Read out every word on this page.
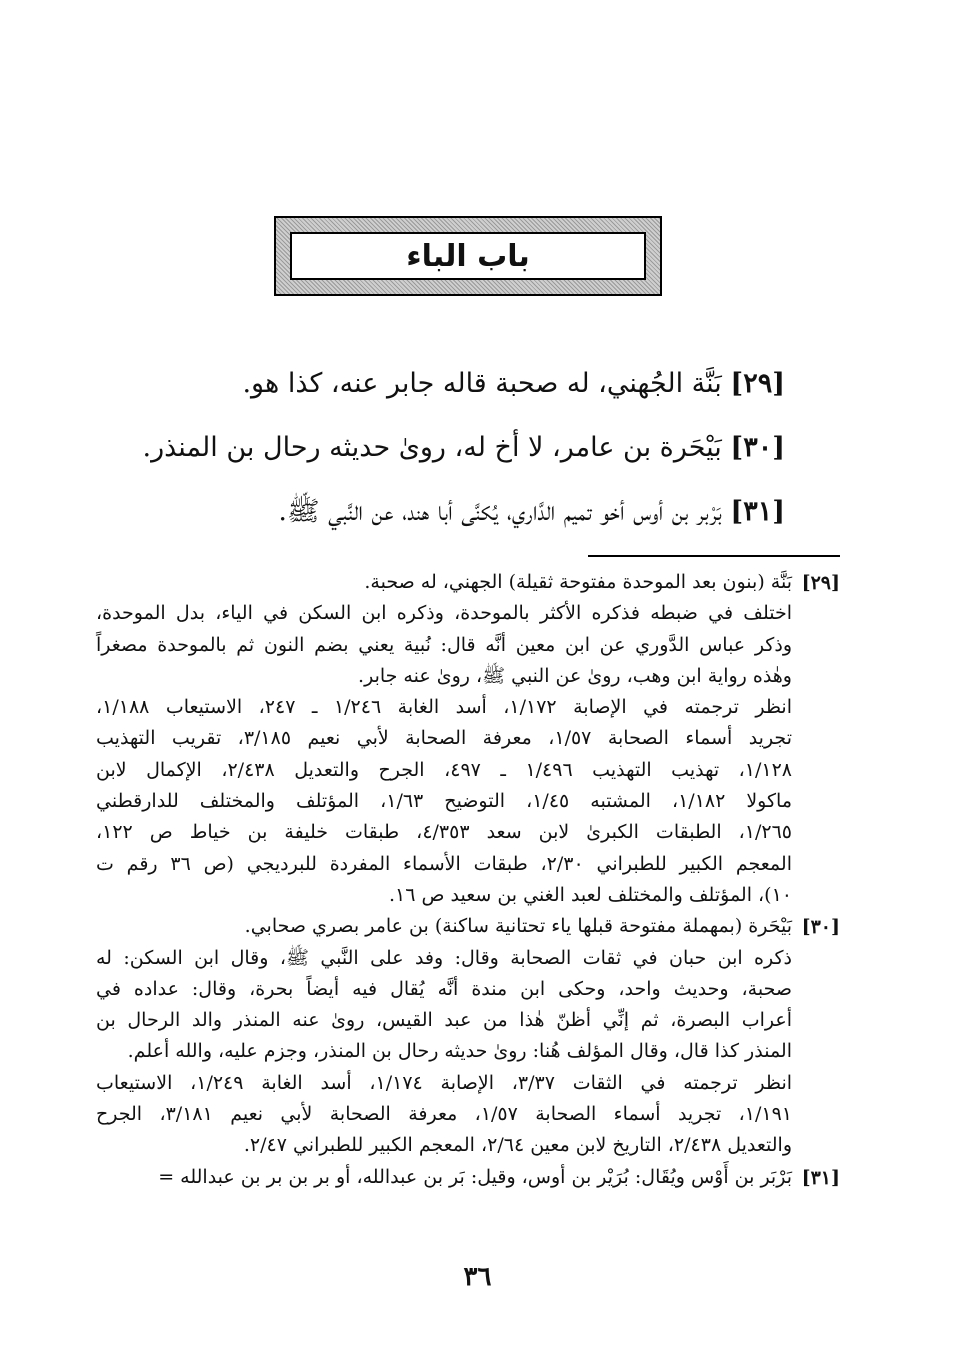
باب الباء
[٢٩] بَنَّة الجُهني، له صحبة قاله جابر عنه، كذا هو.
[٣٠] بَيْحَرة بن عامر، لا أخ له، روىٰ حديثه رحال بن المنذر.
[٣١] بَرْبر بن أوس أخو تميم الدَّاري، يُكنَّى أبا هند، عن النَّبي ﷺ.
[٢٩]
بَنَّة (بنون بعد الموحدة مفتوحة ثقيلة) الجهني، له صحبة.
اختلف في ضبطه فذكره الأكثر بالموحدة، وذكره ابن السكن في الياء، بدل الموحدة،
وذكر عباس الدَّوري عن ابن معين أنَّه قال: نُبية يعني بضم النون ثم بالموحدة مصغراً
وهٰذه رواية ابن وهب، روىٰ عن النبي ﷺ، روىٰ عنه جابر.
انظر ترجمته في الإصابة ١/١٧٢، أسد الغابة ١/٢٤٦ ـ ٢٤٧، الاستيعاب ١/١٨٨،
تجريد أسماء الصحابة ١/٥٧، معرفة الصحابة لأبي نعيم ٣/١٨٥، تقريب التهذيب
١/١٢٨، تهذيب التهذيب ١/٤٩٦ ـ ٤٩٧، الجرح والتعديل ٢/٤٣٨، الإكمال لابن
ماكولا ١/١٨٢، المشتبه ١/٤٥، التوضيح ١/٦٣، المؤتلف والمختلف للدارقطني
١/٢٦٥، الطبقات الكبرىٰ لابن سعد ٤/٣٥٣، طبقات خليفة بن خياط ص ١٢٢،
المعجم الكبير للطبراني ٢/٣٠، طبقات الأسماء المفردة للبرديجي (ص ٣٦ رقم ت
١٠)، المؤتلف والمختلف لعبد الغني بن سعيد ص ١٦.
[٣٠]
بَيْحَرة (بمهملة مفتوحة قبلها ياء تحتانية ساكنة) بن عامر بصري صحابي.
ذكره ابن حبان في ثقات الصحابة وقال: وفد على النَّبي ﷺ، وقال ابن السكن: له
صحبة، وحديث واحد، وحكى ابن مندة أنَّه يُقال فيه أيضاً بحرة، وقال: عداده في
أعراب البصرة، ثم إنِّي أظنّ هٰذا من عبد القيس، روىٰ عنه المنذر والد الرحال بن
المنذر كذا قال، وقال المؤلف هُنا: روىٰ حديثه رحال بن المنذر، وجزم عليه، والله أعلم.
انظر ترجمته في الثقات ٣/٣٧، الإصابة ١/١٧٤، أسد الغابة ١/٢٤٩، الاستيعاب
١/١٩١، تجريد أسماء الصحابة ١/٥٧، معرفة الصحابة لأبي نعيم ٣/١٨١، الجرح
والتعديل ٢/٤٣٨، التاريخ لابن معين ٢/٦٤، المعجم الكبير للطبراني ٢/٤٧.
[٣١]
بَرْبَر بن أَوْس ويُقَال: بُرَيْر بن أوس، وقيل: بَر بن عبدالله، أو بر بن بر بن عبدالله =
٣٦
